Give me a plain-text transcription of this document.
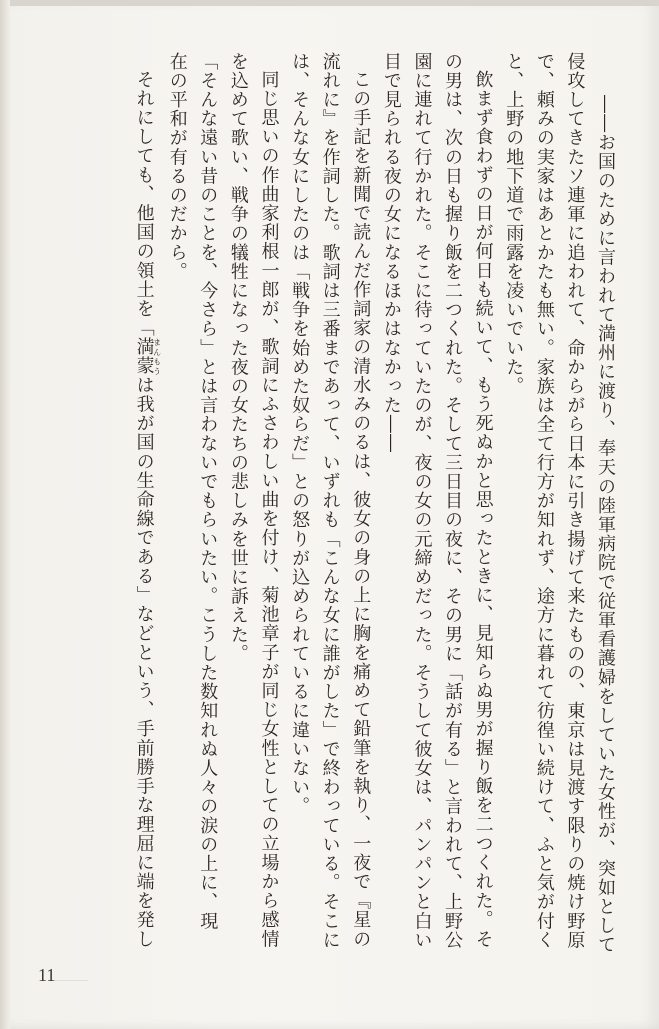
――お国のために言われて満州に渡り、奉天の陸軍病院で従軍看護婦をしていた女性が、突如として

侵攻してきたソ連軍に追われて、命からがら日本に引き揚げて来たものの、東京は見渡す限りの焼け野原

で、頼みの実家はあとかたも無い。家族は全て行方が知れず、途方に暮れて彷徨い続けて、ふと気が付く

と、上野の地下道で雨露を凌いでいた。

飲まず食わずの日が何日も続いて、もう死ぬかと思ったときに、見知らぬ男が握り飯を二つくれた。そ

の男は、次の日も握り飯を二つくれた。そして三日目の夜に、その男に「話が有る」と言われて、上野公

園に連れて行かれた。そこに待っていたのが、夜の女の元締めだった。そうして彼女は、パンパンと白い

目で見られる夜の女になるほかはなかった――

この手記を新聞で読んだ作詞家の清水みのるは、彼女の身の上に胸を痛めて鉛筆を執り、一夜で『星の

流れに』を作詞した。歌詞は三番まであって、いずれも「こんな女に誰がした」で終わっている。そこに

は、そんな女にしたのは「戦争を始めた奴らだ」との怒りが込められているに違いない。

同じ思いの作曲家利根一郎が、歌詞にふさわしい曲を付け、菊池章子が同じ女性としての立場から感情

を込めて歌い、戦争の犠牲になった夜の女たちの悲しみを世に訴えた。

「そんな遠い昔のことを、今さら」とは言わないでもらいたい。こうした数知れぬ人々の涙の上に、現

在の平和が有るのだから。

それにしても、他国の領土を「満蒙まんもうは我が国の生命線である」などという、手前勝手な理屈に端を発し

11
